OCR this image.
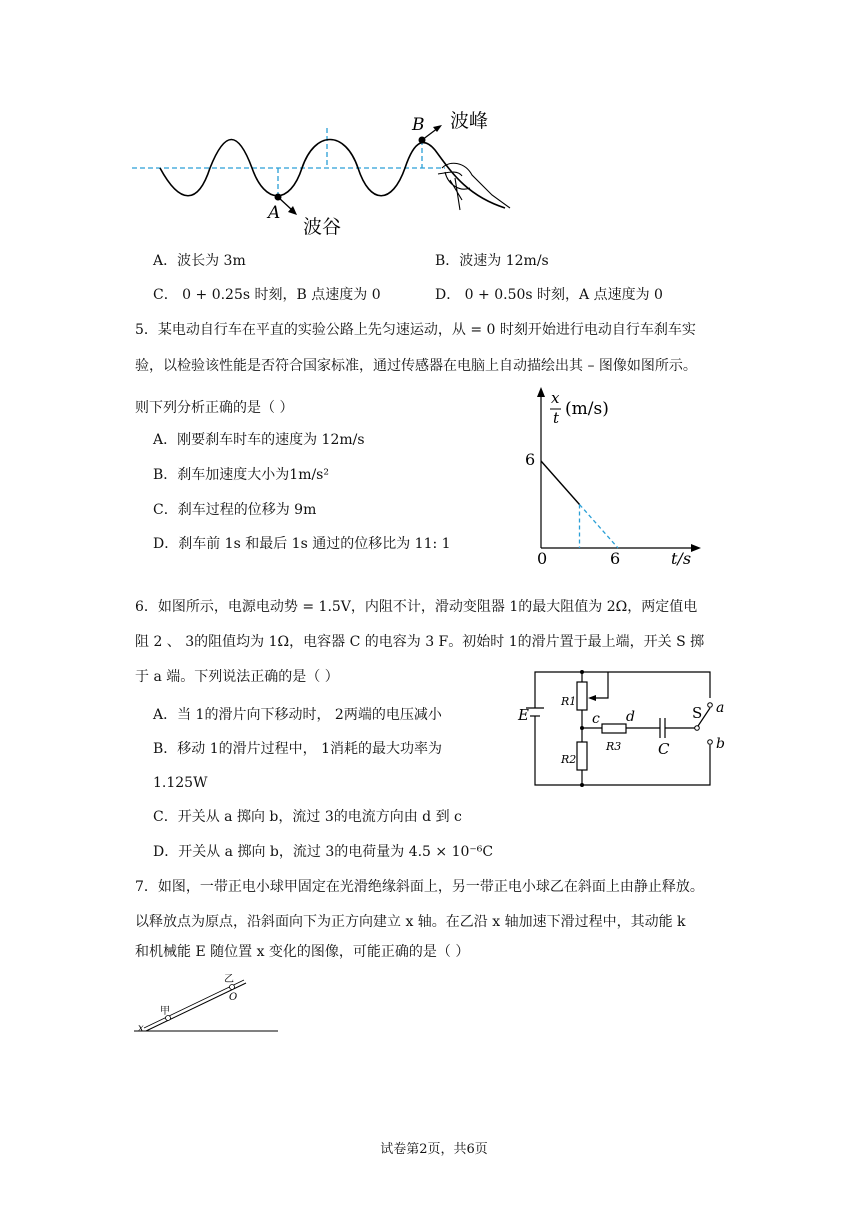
B
A
波峰
波谷
A．波长为 3m	B．波速为 12m/s
C． 0 + 0.25s 时刻，B 点速度为 0	D． 0 + 0.50s 时刻，A 点速度为 0
5．某电动自行车在平直的实验公路上先匀速运动，从 = 0 时刻开始进行电动自行车刹车实
验，以检验该性能是否符合国家标准，通过传感器在电脑上自动描绘出其 – 图像如图所示。
则下列分析正确的是（ ）
A．刚要刹车时车的速度为 12m/s
B．刹车加速度大小为1m/s²
C．刹车过程的位移为 9m
D．刹车前 1s 和最后 1s 通过的位移比为 11: 1
x
t (m/s)
6
0	6	t/s
6．如图所示，电源电动势 = 1.5V，内阻不计，滑动变阻器 1的最大阻值为 2Ω，两定值电
阻 2 、 3的阻值均为 1Ω，电容器 C 的电容为 3 F。初始时 1的滑片置于最上端，开关 S 掷
于 a 端。下列说法正确的是（ ）
A．当 1的滑片向下移动时， 2两端的电压减小
B．移动 1的滑片过程中， 1消耗的最大功率为
1.125W
C．开关从 a 掷向 b，流过 3的电流方向由 d 到 c
D．开关从 a 掷向 b，流过 3的电荷量为 4.5 × 10⁻⁶C
E
R1
R2
R3
c d
C
S a
b
7．如图，一带正电小球甲固定在光滑绝缘斜面上，另一带正电小球乙在斜面上由静止释放。
以释放点为原点，沿斜面向下为正方向建立 x 轴。在乙沿 x 轴加速下滑过程中，其动能 k
和机械能 E 随位置 x 变化的图像，可能正确的是（ ）
乙
O
甲
x
试卷第2页，共6页
